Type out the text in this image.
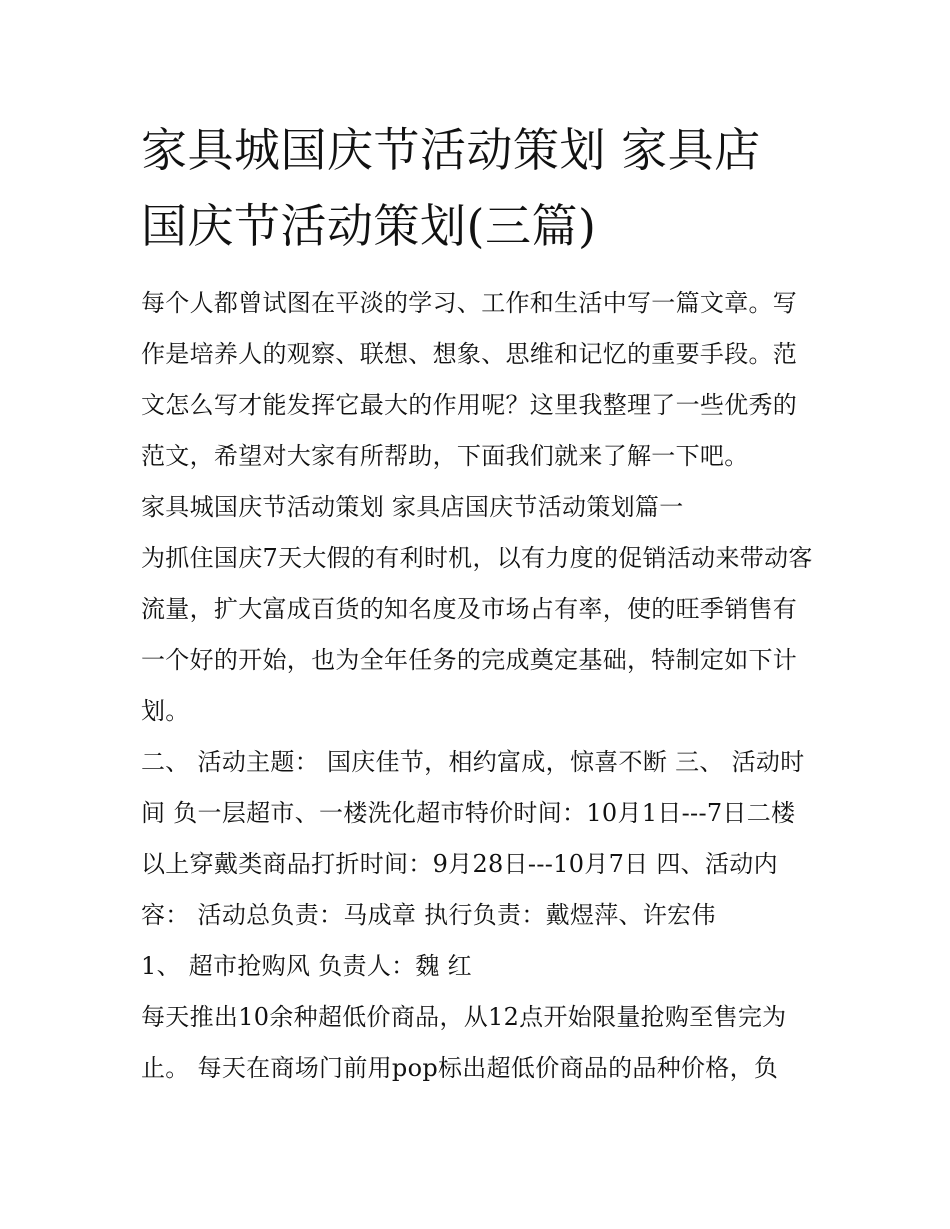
家具城国庆节活动策划 家具店
国庆节活动策划(三篇)

每个人都曾试图在平淡的学习、工作和生活中写一篇文章。写作是培养人的观察、联想、想象、思维和记忆的重要手段。范文怎么写才能发挥它最大的作用呢？这里我整理了一些优秀的范文，希望对大家有所帮助，下面我们就来了解一下吧。

家具城国庆节活动策划 家具店国庆节活动策划篇一

为抓住国庆7天大假的有利时机，以有力度的促销活动来带动客流量，扩大富成百货的知名度及市场占有率，使的旺季销售有一个好的开始，也为全年任务的完成奠定基础，特制定如下计划。

二、 活动主题： 国庆佳节，相约富成，惊喜不断 三、 活动时间 负一层超市、一楼洗化超市特价时间：10月1日---7日二楼以上穿戴类商品打折时间：9月28日---10月7日 四、活动内容： 活动总负责：马成章 执行负责：戴煜萍、许宏伟

1、 超市抢购风 负责人：魏 红

每天推出10余种超低价商品，从12点开始限量抢购至售完为止。 每天在商场门前用pop标出超低价商品的品种价格，负
